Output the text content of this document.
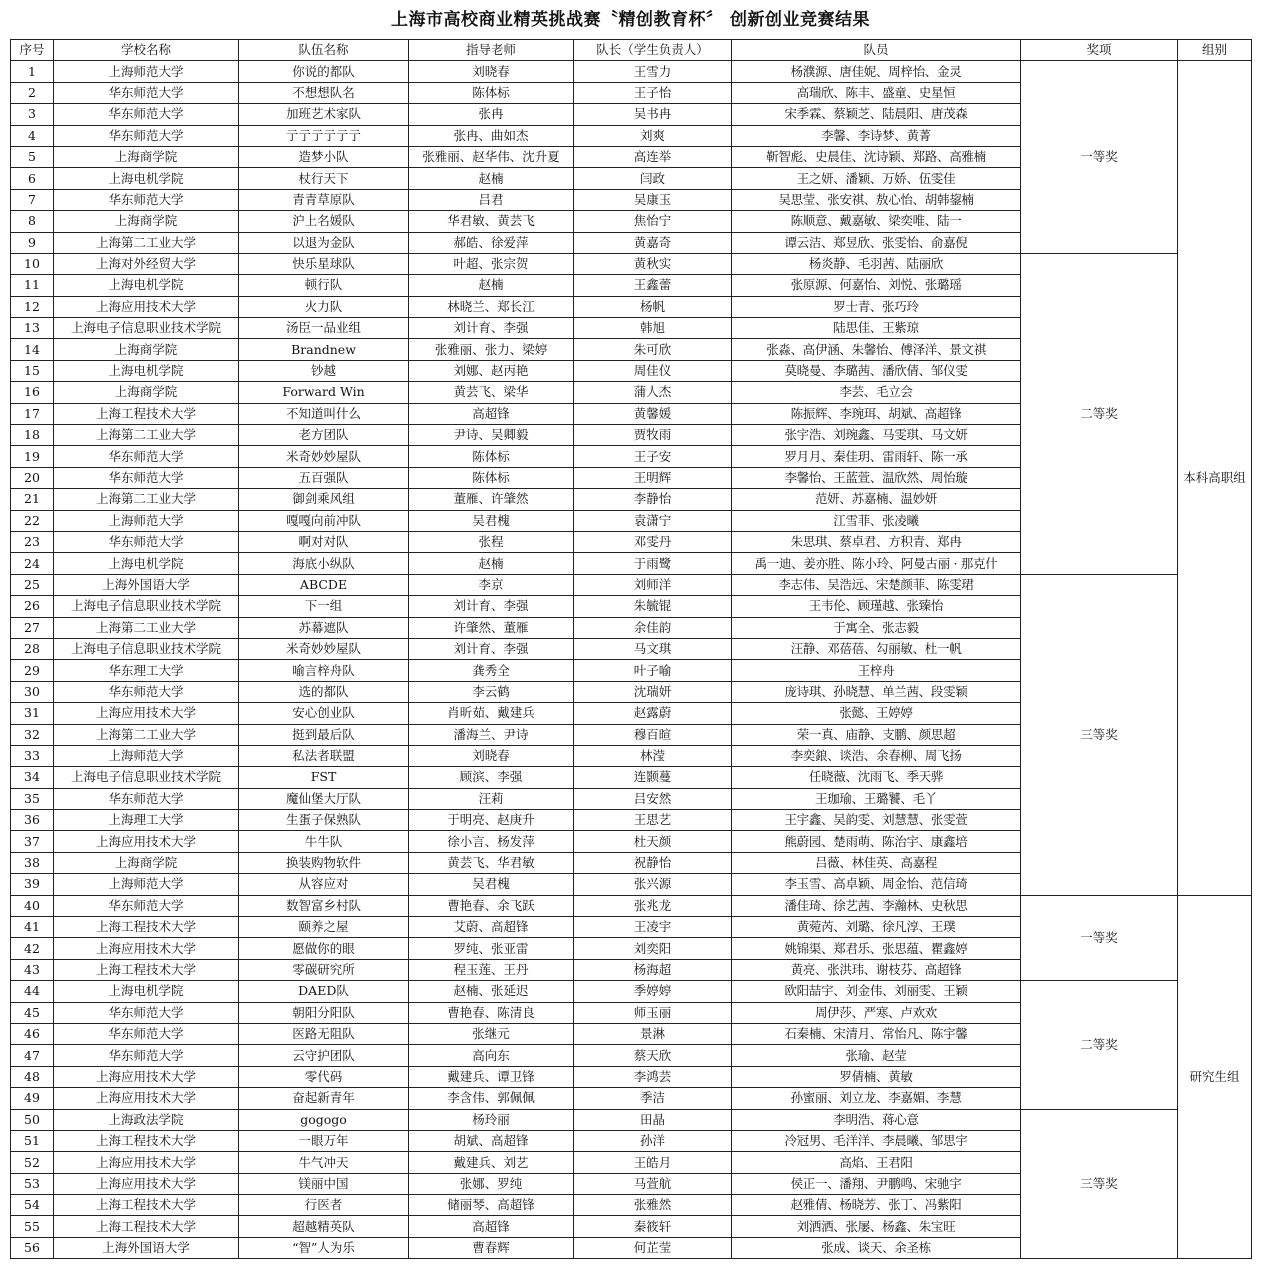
上海市高校商业精英挑战赛〝精创教育杯〞 创新创业竞赛结果
序号	学校名称	队伍名称	指导老师	队长（学生负责人）	队员	奖项	组别
1	上海师范大学	你说的都队	刘晓春	王雪力	杨濮源、唐佳妮、周梓怡、金灵	一等奖	本科高职组
2	华东师范大学	不想想队名	陈体标	王子怡	高瑞欣、陈丰、盛童、史星恒		
3	华东师范大学	加班艺术家队	张冉	吴书冉	宋季霖、蔡颖芝、陆晨阳、唐茂森		
4	华东师范大学	亍亍亍亍亍亍	张冉、曲如杰	刘爽	李馨、李诗梦、黄菁		
5	上海商学院	造梦小队	张雅丽、赵华伟、沈升夏	高连举	靳智彪、史晨佳、沈诗颖、郑路、高雅楠		
6	上海电机学院	杖行天下	赵楠	闫政	王之妍、潘颖、万娇、伍雯佳		
7	华东师范大学	青青草原队	吕君	吴康玉	吴思莹、张安祺、敖心怡、胡韩鋆楠		
8	上海商学院	沪上名媛队	华君敏、黄芸飞	焦怡宁	陈顺意、戴嘉敏、梁奕唯、陆一		
9	上海第二工业大学	以退为金队	郝皓、徐爱萍	黄嘉奇	谭云洁、郑昱欣、张雯怡、俞嘉倪		
10	上海对外经贸大学	快乐星球队	叶超、张宗贺	黄秋实	杨炎静、毛羽茜、陆丽欣	二等奖	
11	上海电机学院	顿行队	赵楠	王鑫蕾	张原源、何嘉怡、刘悦、张璐瑶		
12	上海应用技术大学	火力队	林晓兰、郑长江	杨帆	罗士青、张巧玲		
13	上海电子信息职业技术学院	汤臣一品业组	刘计育、李强	韩旭	陆思佳、王紫琼		
14	上海商学院	Brandnew	张雅丽、张力、梁婷	朱可欣	张淼、高伊涵、朱馨怡、傅泽洋、景文祺		
15	上海电机学院	钞越	刘娜、赵丙艳	周佳仪	莫晓曼、李璐茜、潘欣倩、邹仪雯		
16	上海商学院	Forward Win	黄芸飞、梁华	蒲人杰	李芸、毛立会		
17	上海工程技术大学	不知道叫什么	高超锋	黄馨媛	陈振辉、李琬珥、胡斌、高超锋		
18	上海第二工业大学	老方团队	尹诗、吴卿毅	贾牧雨	张宇浩、刘琬鑫、马雯琪、马文妍		
19	华东师范大学	米奇妙妙屋队	陈体标	王子安	罗月月、秦佳玥、雷雨轩、陈一承		
20	华东师范大学	五百强队	陈体标	王明辉	李馨怡、王蓝萱、温欣然、周怡璇		
21	上海第二工业大学	御剑乘风组	董雁、许肇然	李静怡	范妍、苏嘉楠、温妙妍		
22	上海师范大学	嘎嘎向前冲队	吴君槐	袁潇宁	江雪菲、张凌曦		
23	华东师范大学	啊对对队	张程	邓雯丹	朱思琪、蔡卓君、方积青、郑冉		
24	上海电机学院	海底小纵队	赵楠	于雨鹭	禹一迪、姜亦胜、陈小玲、阿曼古丽 · 那克什		
25	上海外国语大学	ABCDE	李京	刘师洋	李志伟、吴浩远、宋楚颜菲、陈雯珺	三等奖	
26	上海电子信息职业技术学院	下一组	刘计育、李强	朱毓锟	王韦伦、顾瑾越、张臻怡		
27	上海第二工业大学	苏幕遮队	许肇然、董雁	余佳韵	于寓全、张志毅		
28	上海电子信息职业技术学院	米奇妙妙屋队	刘计育、李强	马文琪	汪静、邓蓓蓓、勾丽敏、杜一帆		
29	华东理工大学	喻言梓舟队	龚秀全	叶子喻	王梓舟		
30	华东师范大学	选的都队	李云鹤	沈瑞妍	庞诗琪、孙晓慧、单兰茜、段雯颖		
31	上海应用技术大学	安心创业队	肖昕茹、戴建兵	赵露蔚	张懿、王婷婷		
32	上海第二工业大学	挺到最后队	潘海兰、尹诗	穆百暄	荣一真、庙静、支鹏、颜思超		
33	上海师范大学	私法者联盟	刘晓春	林滢	李奕鋃、谈浩、余春柳、周飞扬		
34	上海电子信息职业技术学院	FST	顾滨、李强	连颢蔓	任晓薇、沈雨飞、季天骅		
35	华东师范大学	魔仙堡大厅队	汪莉	吕安然	王珈瑜、王璐饕、毛丫		
36	上海理工大学	生蛋子保熟队	于明亮、赵庚升	王思艺	王宇鑫、吴韵雯、刘慧慧、张雯萱		
37	上海应用技术大学	牛牛队	徐小言、杨发萍	杜天颜	熊蔚园、楚雨萌、陈治宇、康鑫培		
38	上海商学院	换装购物软件	黄芸飞、华君敏	祝静怡	吕薇、林佳英、高嘉程		
39	上海师范大学	从容应对	吴君槐	张兴源	李玉雪、高卓颖、周金怡、范信琦		
40	华东师范大学	数智富乡村队	曹艳春、余飞跃	张兆龙	潘佳琦、徐艺茜、李瀚林、史秋思	一等奖	研究生组
41	上海工程技术大学	颐养之屋	艾蔚、高超锋	王凌宇	黄菀芮、刘璐、徐凡淳、王璞		
42	上海应用技术大学	愿做你的眼	罗纯、张亚雷	刘奕阳	姚锦渠、郑君乐、张思蕴、瞿鑫婷		
43	上海工程技术大学	零碳研究所	程玉莲、王丹	杨海超	黄亮、张洪玮、谢枝芬、高超锋		
44	上海电机学院	DAED队	赵楠、张延迟	季婷婷	欧阳喆宇、刘金伟、刘丽雯、王颖	二等奖	
45	华东师范大学	朝阳分阳队	曹艳春、陈清良	师玉丽	周伊莎、严寒、卢欢欢		
46	华东师范大学	医路无阻队	张继元	景淋	石秦楠、宋清月、常怡凡、陈宇馨		
47	华东师范大学	云守护团队	高向东	蔡天欣	张瑜、赵莹		
48	上海应用技术大学	零代码	戴建兵、谭卫锋	李鸿芸	罗倩楠、黄敏		
49	上海应用技术大学	奋起新青年	李含伟、郭佩佩	季洁	孙蜜丽、刘立龙、李嘉媚、李慧		
50	上海政法学院	gogogo	杨玲丽	田晶	李明浩、蒋心意	三等奖	
51	上海工程技术大学	一眼万年	胡斌、高超锋	孙洋	冷冠男、毛洋洋、李晨曦、邹思宇		
52	上海应用技术大学	牛气冲天	戴建兵、刘艺	王皓月	高焰、王君阳		
53	上海应用技术大学	镁丽中国	张娜、罗纯	马萱航	侯正一、潘翔、尹鹏鸣、宋驰宇		
54	上海工程技术大学	行医者	储丽琴、高超锋	张雅然	赵雅倩、杨晓芳、张丁、冯紫阳		
55	上海工程技术大学	超越精英队	高超锋	秦筱轩	刘洒洒、张屡、杨鑫、朱宝旺		
56	上海外国语大学	“智”人为乐	曹春辉	何芷莹	张成、谈天、余圣栋		
